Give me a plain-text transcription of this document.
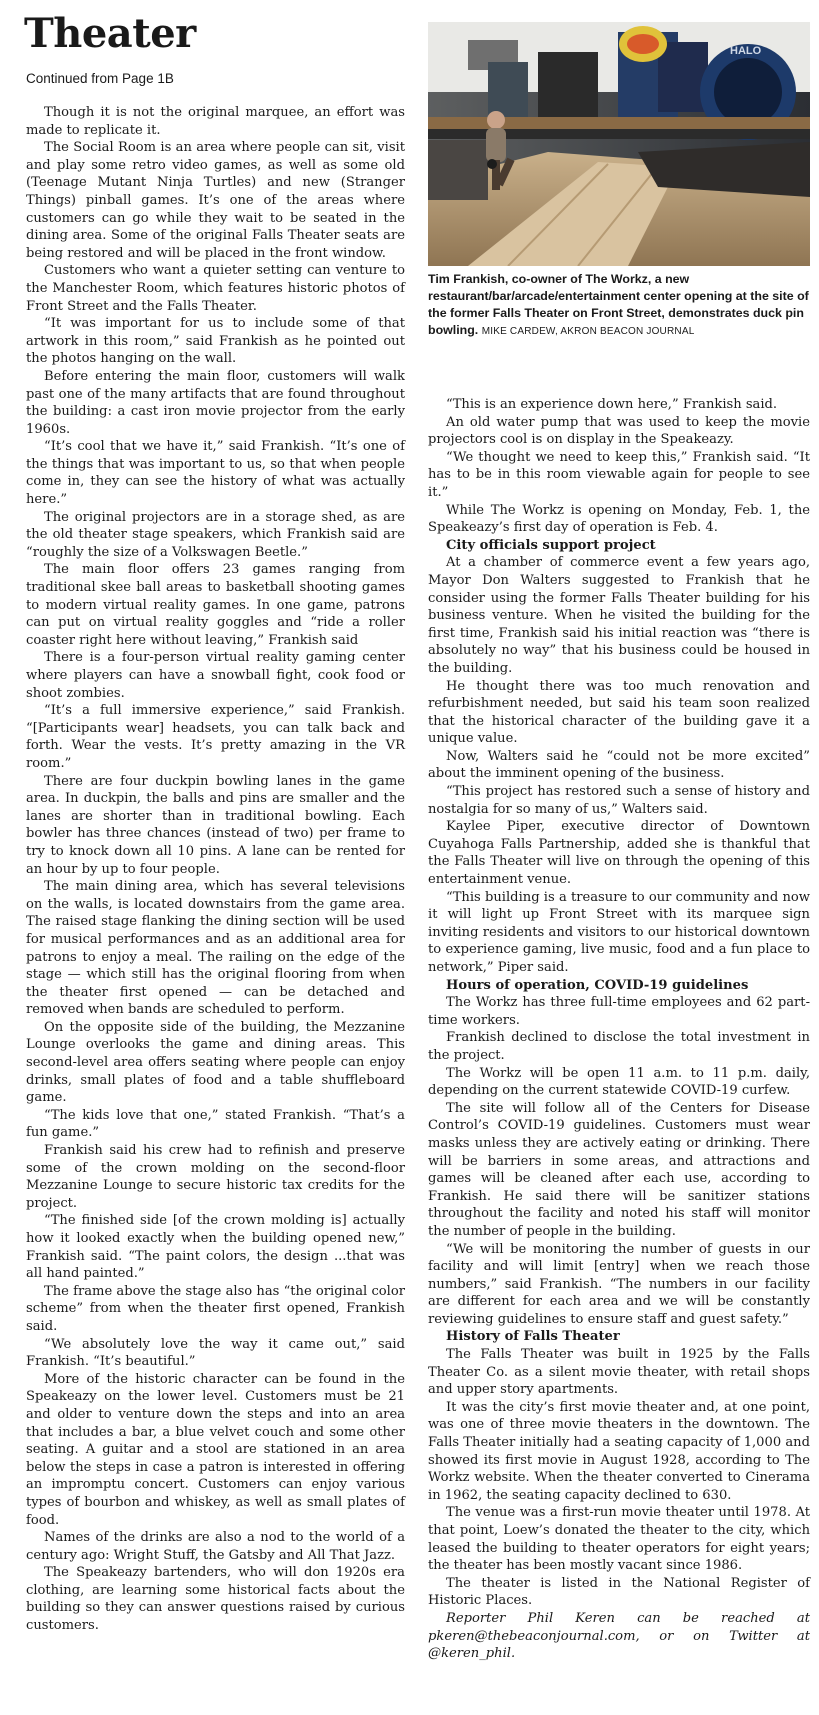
Theater
Continued from Page 1B

Though it is not the original marquee, an effort was made to replicate it.

The Social Room is an area where people can sit, visit and play some retro video games, as well as some old (Teenage Mutant Ninja Turtles) and new (Stranger Things) pinball games. It’s one of the areas where customers can go while they wait to be seated in the dining area. Some of the original Falls Theater seats are being restored and will be placed in the front window.

Customers who want a quieter setting can venture to the Manchester Room, which features historic photos of Front Street and the Falls Theater.

“It was important for us to include some of that artwork in this room,” said Frankish as he pointed out the photos hanging on the wall.

Before entering the main floor, customers will walk past one of the many artifacts that are found throughout the building: a cast iron movie projector from the early 1960s.

“It’s cool that we have it,” said Frankish. “It’s one of the things that was important to us, so that when people come in, they can see the history of what was actually here.”

The original projectors are in a storage shed, as are the old theater stage speakers, which Frankish said are “roughly the size of a Volkswagen Beetle.”

The main floor offers 23 games ranging from traditional skee ball areas to basketball shooting games to modern virtual reality games. In one game, patrons can put on virtual reality goggles and “ride a roller coaster right here without leaving,” Frankish said

There is a four-person virtual reality gaming center where players can have a snowball fight, cook food or shoot zombies.

“It’s a full immersive experience,” said Frankish. “[Participants wear] headsets, you can talk back and forth. Wear the vests. It’s pretty amazing in the VR room.”

There are four duckpin bowling lanes in the game area. In duckpin, the balls and pins are smaller and the lanes are shorter than in traditional bowling. Each bowler has three chances (instead of two) per frame to try to knock down all 10 pins. A lane can be rented for an hour by up to four people.

The main dining area, which has several televisions on the walls, is located downstairs from the game area. The raised stage flanking the dining section will be used for musical performances and as an additional area for patrons to enjoy a meal. The railing on the edge of the stage — which still has the original flooring from when the theater first opened — can be detached and removed when bands are scheduled to perform.

On the opposite side of the building, the Mezzanine Lounge overlooks the game and dining areas. This second-level area offers seating where people can enjoy drinks, small plates of food and a table shuffleboard game.

“The kids love that one,” stated Frankish. “That’s a fun game.”

Frankish said his crew had to refinish and preserve some of the crown molding on the second-floor Mezzanine Lounge to secure historic tax credits for the project.

“The finished side [of the crown molding is] actually how it looked exactly when the building opened new,” Frankish said. “The paint colors, the design ...that was all hand painted.”

The frame above the stage also has “the original color scheme” from when the theater first opened, Frankish said.

“We absolutely love the way it came out,” said Frankish. “It’s beautiful.”

More of the historic character can be found in the Speakeazy on the lower level. Customers must be 21 and older to venture down the steps and into an area that includes a bar, a blue velvet couch and some other seating. A guitar and a stool are stationed in an area below the steps in case a patron is interested in offering an impromptu concert. Customers can enjoy various types of bourbon and whiskey, as well as small plates of food.

Names of the drinks are also a nod to the world of a century ago: Wright Stuff, the Gatsby and All That Jazz.

The Speakeazy bartenders, who will don 1920s era clothing, are learning some historical facts about the building so they can answer questions raised by curious customers.

HALO
Tim Frankish, co-owner of The Workz, a new restaurant/bar/arcade/entertainment center opening at the site of the former Falls Theater on Front Street, demonstrates duck pin bowling. MIKE CARDEW, AKRON BEACON JOURNAL

“This is an experience down here,” Frankish said.

An old water pump that was used to keep the movie projectors cool is on display in the Speakeazy.

“We thought we need to keep this,” Frankish said. “It has to be in this room viewable again for people to see it.”

While The Workz is opening on Monday, Feb. 1, the Speakeazy’s first day of operation is Feb. 4.

City officials support project

At a chamber of commerce event a few years ago, Mayor Don Walters suggested to Frankish that he consider using the former Falls Theater building for his business venture. When he visited the building for the first time, Frankish said his initial reaction was “there is absolutely no way” that his business could be housed in the building.

He thought there was too much renovation and refurbishment needed, but said his team soon realized that the historical character of the building gave it a unique value.

Now, Walters said he “could not be more excited” about the imminent opening of the business.

“This project has restored such a sense of history and nostalgia for so many of us,” Walters said.

Kaylee Piper, executive director of Downtown Cuyahoga Falls Partnership, added she is thankful that the Falls Theater will live on through the opening of this entertainment venue.

“This building is a treasure to our community and now it will light up Front Street with its marquee sign inviting residents and visitors to our historical downtown to experience gaming, live music, food and a fun place to network,” Piper said.

Hours of operation, COVID-19 guidelines

The Workz has three full-time employees and 62 part-time workers.

Frankish declined to disclose the total investment in the project.

The Workz will be open 11 a.m. to 11 p.m. daily, depending on the current statewide COVID-19 curfew.

The site will follow all of the Centers for Disease Control’s COVID-19 guidelines. Customers must wear masks unless they are actively eating or drinking. There will be barriers in some areas, and attractions and games will be cleaned after each use, according to Frankish. He said there will be sanitizer stations throughout the facility and noted his staff will monitor the number of people in the building.

“We will be monitoring the number of guests in our facility and will limit [entry] when we reach those numbers,” said Frankish. “The numbers in our facility are different for each area and we will be constantly reviewing guidelines to ensure staff and guest safety.”

History of Falls Theater

The Falls Theater was built in 1925 by the Falls Theater Co. as a silent movie theater, with retail shops and upper story apartments.

It was the city’s first movie theater and, at one point, was one of three movie theaters in the downtown. The Falls Theater initially had a seating capacity of 1,000 and showed its first movie in August 1928, according to The Workz website. When the theater converted to Cinerama in 1962, the seating capacity declined to 630.

The venue was a first-run movie theater until 1978. At that point, Loew’s donated the theater to the city, which leased the building to theater operators for eight years; the theater has been mostly vacant since 1986.

The theater is listed in the National Register of Historic Places.

Reporter Phil Keren can be reached at pkeren@thebeaconjournal.com, or on Twitter at @keren_phil.
